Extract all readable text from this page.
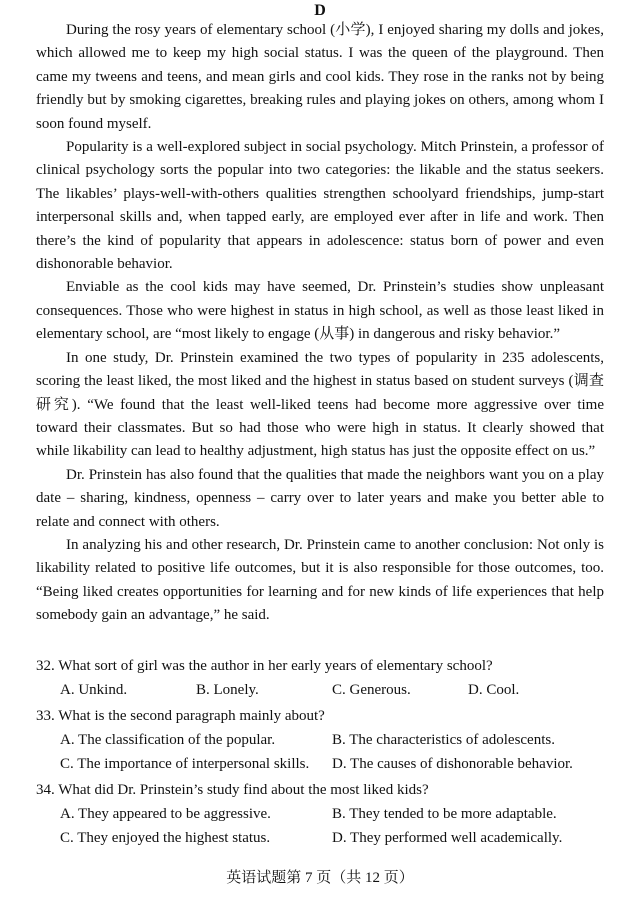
D

During the rosy years of elementary school (小学), I enjoyed sharing my dolls and jokes, which allowed me to keep my high social status. I was the queen of the playground. Then came my tweens and teens, and mean girls and cool kids. They rose in the ranks not by being friendly but by smoking cigarettes, breaking rules and playing jokes on others, among whom I soon found myself.

Popularity is a well-explored subject in social psychology. Mitch Prinstein, a professor of clinical psychology sorts the popular into two categories: the likable and the status seekers. The likables’ plays-well-with-others qualities strengthen schoolyard friendships, jump-start interpersonal skills and, when tapped early, are employed ever after in life and work. Then there’s the kind of popularity that appears in adolescence: status born of power and even dishonorable behavior.

Enviable as the cool kids may have seemed, Dr. Prinstein’s studies show unpleasant consequences. Those who were highest in status in high school, as well as those least liked in elementary school, are “most likely to engage (从事) in dangerous and risky behavior.”

In one study, Dr. Prinstein examined the two types of popularity in 235 adolescents, scoring the least liked, the most liked and the highest in status based on student surveys (调查研究). “We found that the least well-liked teens had become more aggressive over time toward their classmates. But so had those who were high in status. It clearly showed that while likability can lead to healthy adjustment, high status has just the opposite effect on us.”

Dr. Prinstein has also found that the qualities that made the neighbors want you on a play date – sharing, kindness, openness – carry over to later years and make you better able to relate and connect with others.

In analyzing his and other research, Dr. Prinstein came to another conclusion: Not only is likability related to positive life outcomes, but it is also responsible for those outcomes, too. “Being liked creates opportunities for learning and for new kinds of life experiences that help somebody gain an advantage,” he said.

32. What sort of girl was the author in her early years of elementary school?
A. Unkind.	B. Lonely.	C. Generous.	D. Cool.
33. What is the second paragraph mainly about?
A. The classification of the popular.	B. The characteristics of adolescents.
C. The importance of interpersonal skills.	D. The causes of dishonorable behavior.
34. What did Dr. Prinstein’s study find about the most liked kids?
A. They appeared to be aggressive.	B. They tended to be more adaptable.
C. They enjoyed the highest status.	D. They performed well academically.
英语试题第 7 页（共 12 页）
